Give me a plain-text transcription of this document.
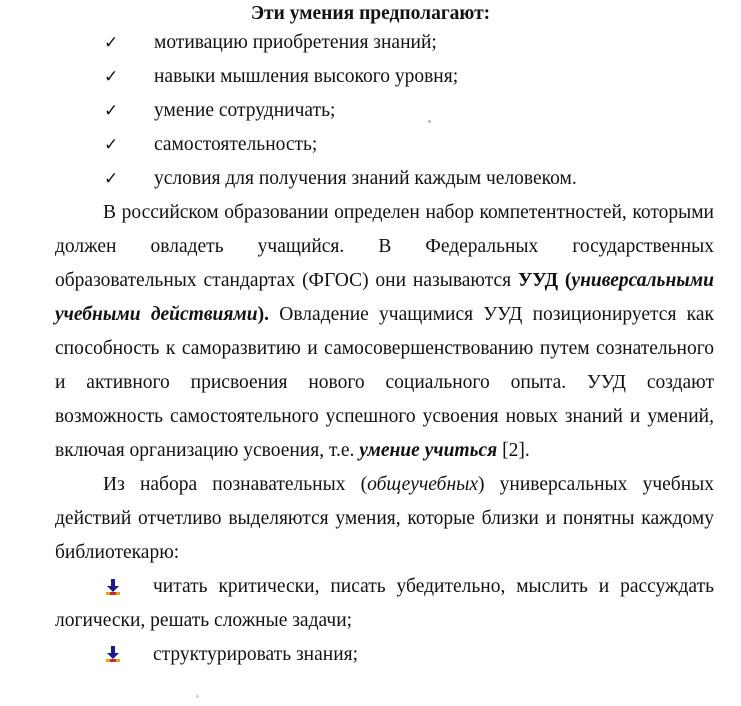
Эти умения предполагают:

✓ мотивацию приобретения знаний;
✓ навыки мышления высокого уровня;
✓ умение сотрудничать;
✓ самостоятельность;
✓ условия для получения знаний каждым человеком.

В российском образовании определен набор компетентностей, которыми должен овладеть учащийся. В Федеральных государственных образовательных стандартах (ФГОС) они называются УУД (универсальными учебными действиями). Овладение учащимися УУД позиционируется как способность к саморазвитию и самосовершенствованию путем сознательного и активного присвоения нового социального опыта. УУД создают возможность самостоятельного успешного усвоения новых знаний и умений, включая организацию усвоения, т.е. умение учиться [2].

Из набора познавательных (общеучебных) универсальных учебных действий отчетливо выделяются умения, которые близки и понятны каждому библиотекарю:

читать критически, писать убедительно, мыслить и рассуждать логически, решать сложные задачи;

структурировать знания;
